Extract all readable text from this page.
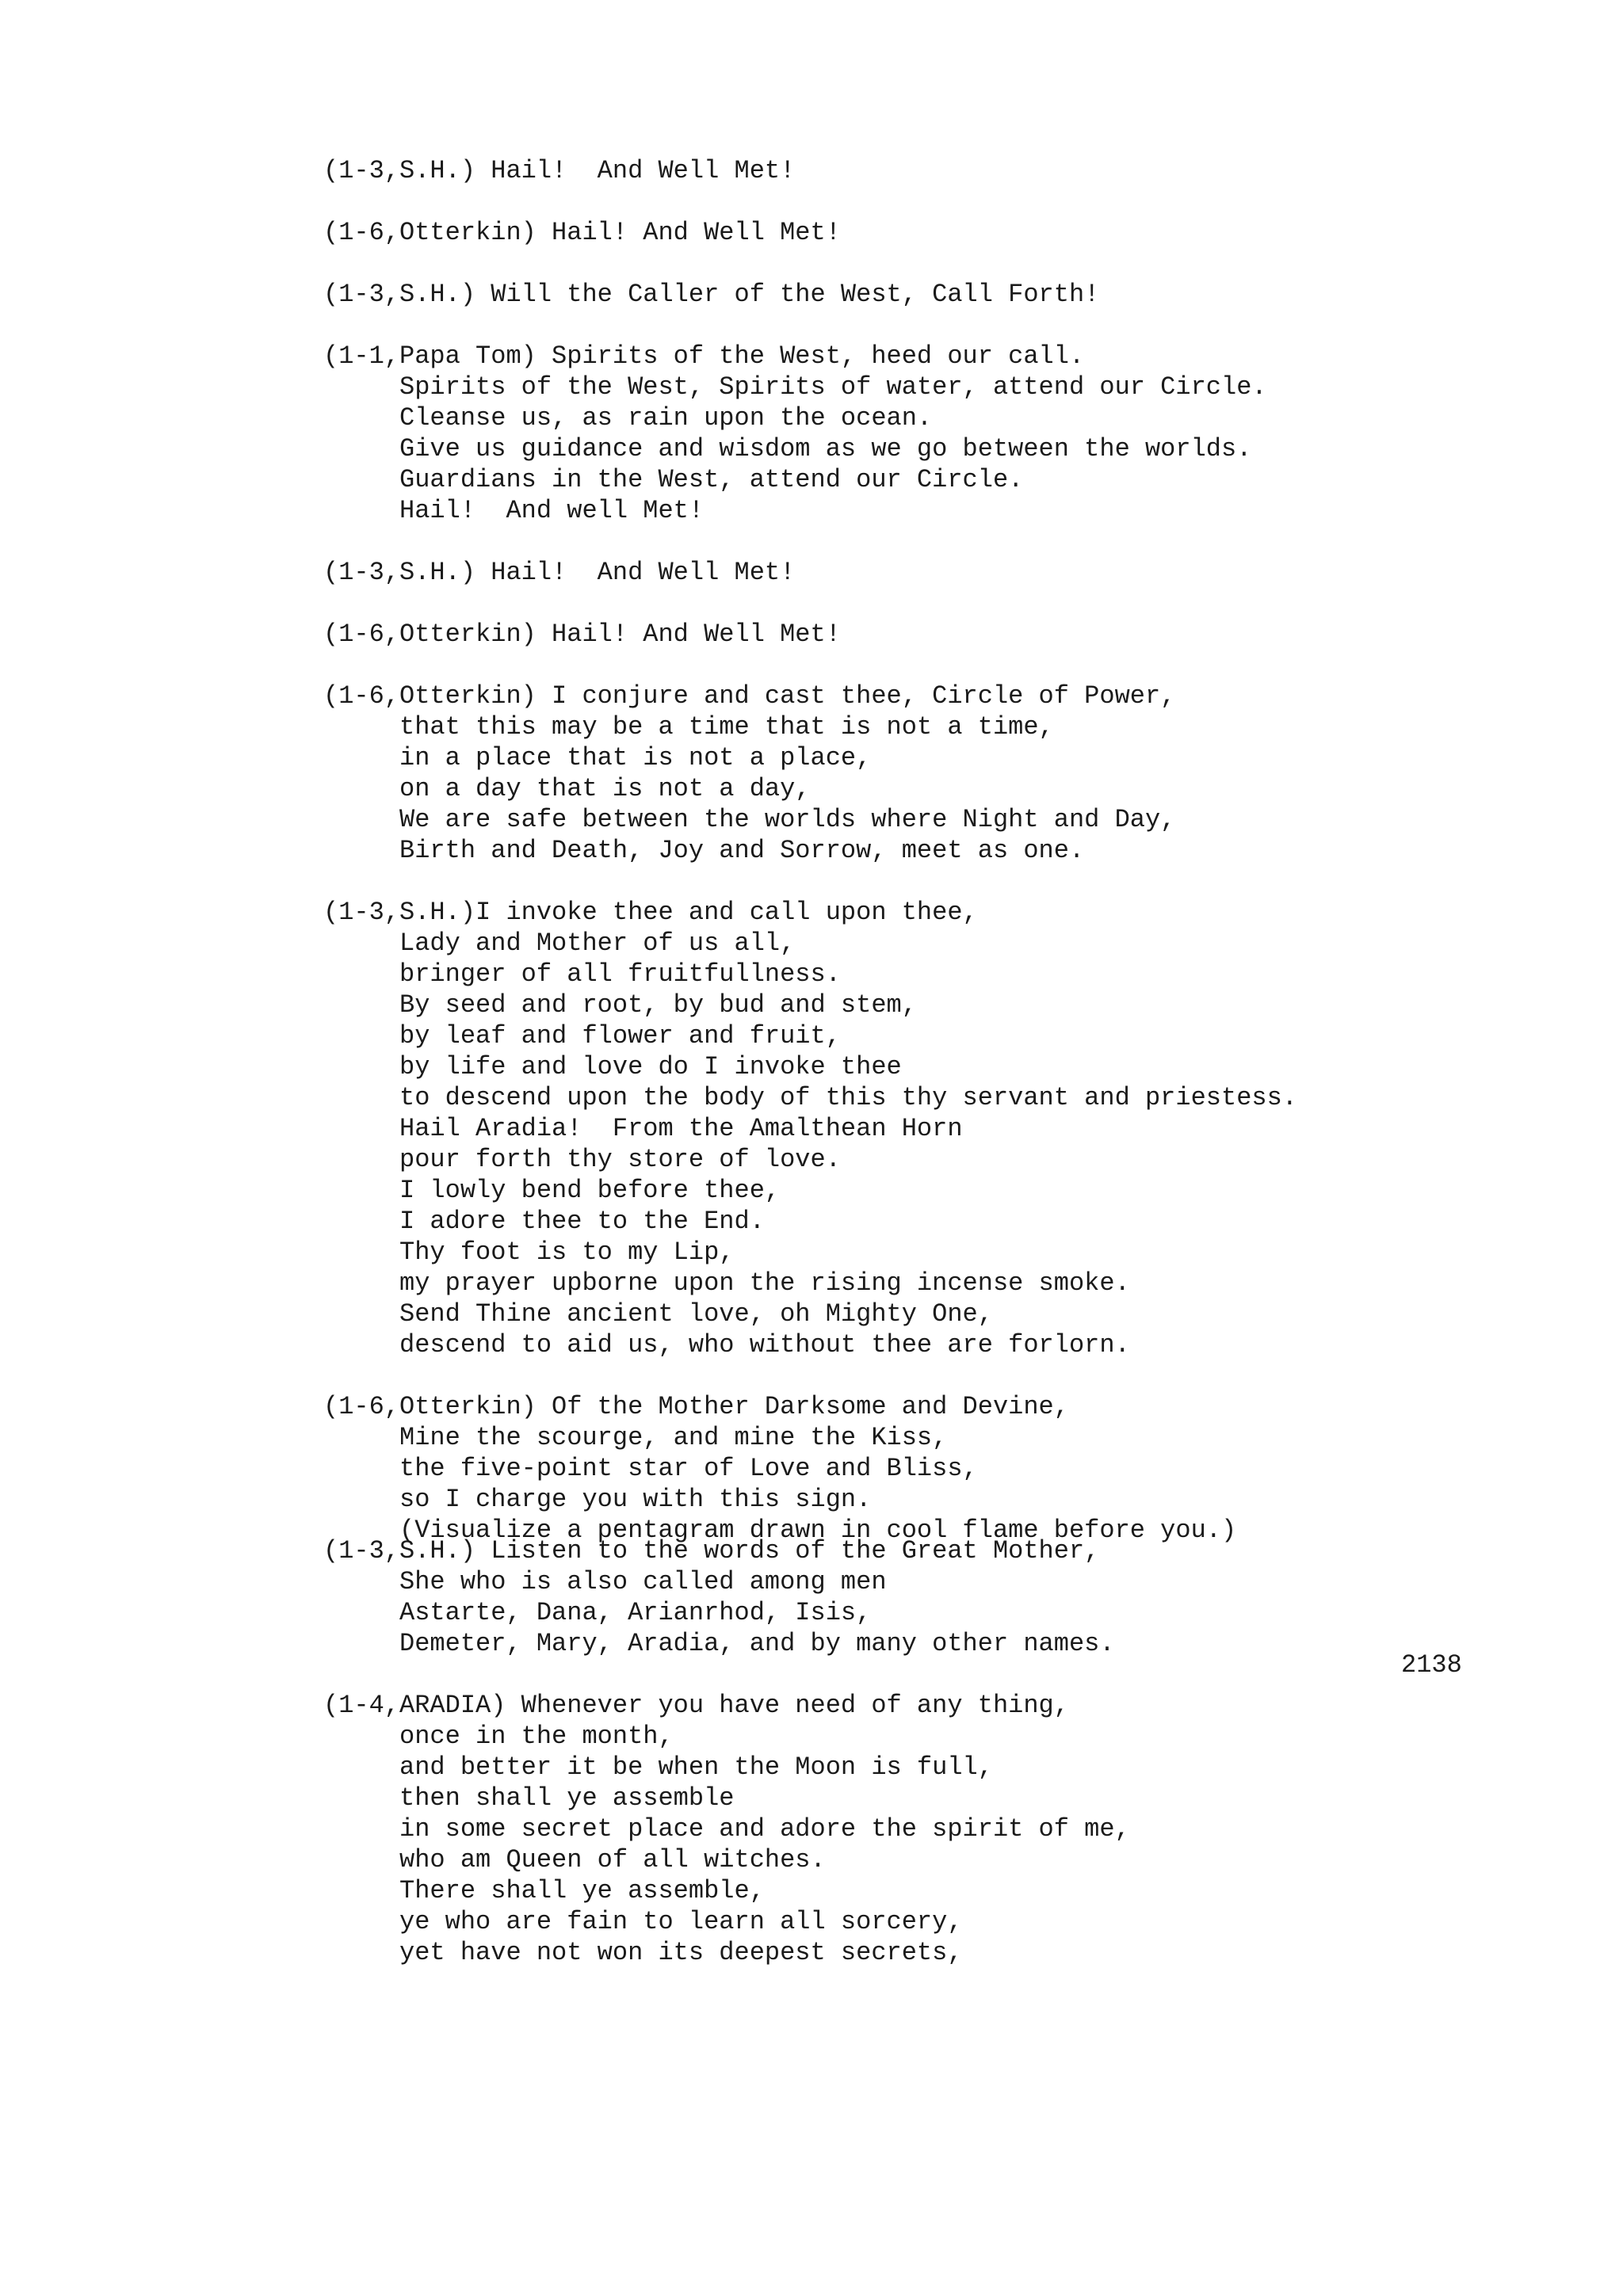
(1-3,S.H.) Hail!  And Well Met!

(1-6,Otterkin) Hail! And Well Met!

(1-3,S.H.) Will the Caller of the West, Call Forth!

(1-1,Papa Tom) Spirits of the West, heed our call.
Spirits of the West, Spirits of water, attend our Circle.
Cleanse us, as rain upon the ocean.
Give us guidance and wisdom as we go between the worlds.
Guardians in the West, attend our Circle.
Hail!  And well Met!

(1-3,S.H.) Hail!  And Well Met!

(1-6,Otterkin) Hail! And Well Met!

(1-6,Otterkin) I conjure and cast thee, Circle of Power,
that this may be a time that is not a time,
in a place that is not a place,
on a day that is not a day,
We are safe between the worlds where Night and Day,
Birth and Death, Joy and Sorrow, meet as one.

(1-3,S.H.)I invoke thee and call upon thee,
Lady and Mother of us all,
bringer of all fruitfullness.
By seed and root, by bud and stem,
by leaf and flower and fruit,
by life and love do I invoke thee
to descend upon the body of this thy servant and priestess.
Hail Aradia!  From the Amalthean Horn
pour forth thy store of love.
I lowly bend before thee,
I adore thee to the End.
Thy foot is to my Lip,
my prayer upborne upon the rising incense smoke.
Send Thine ancient love, oh Mighty One,
descend to aid us, who without thee are forlorn.

(1-6,Otterkin) Of the Mother Darksome and Devine,
Mine the scourge, and mine the Kiss,
the five-point star of Love and Bliss,
so I charge you with this sign.
(Visualize a pentagram drawn in cool flame before you.)
2138
(1-3,S.H.) Listen to the words of the Great Mother,
She who is also called among men
Astarte, Dana, Arianrhod, Isis,
Demeter, Mary, Aradia, and by many other names.

(1-4,ARADIA) Whenever you have need of any thing,
once in the month,
and better it be when the Moon is full,
then shall ye assemble
in some secret place and adore the spirit of me,
who am Queen of all witches.
There shall ye assemble,
ye who are fain to learn all sorcery,
yet have not won its deepest secrets,
